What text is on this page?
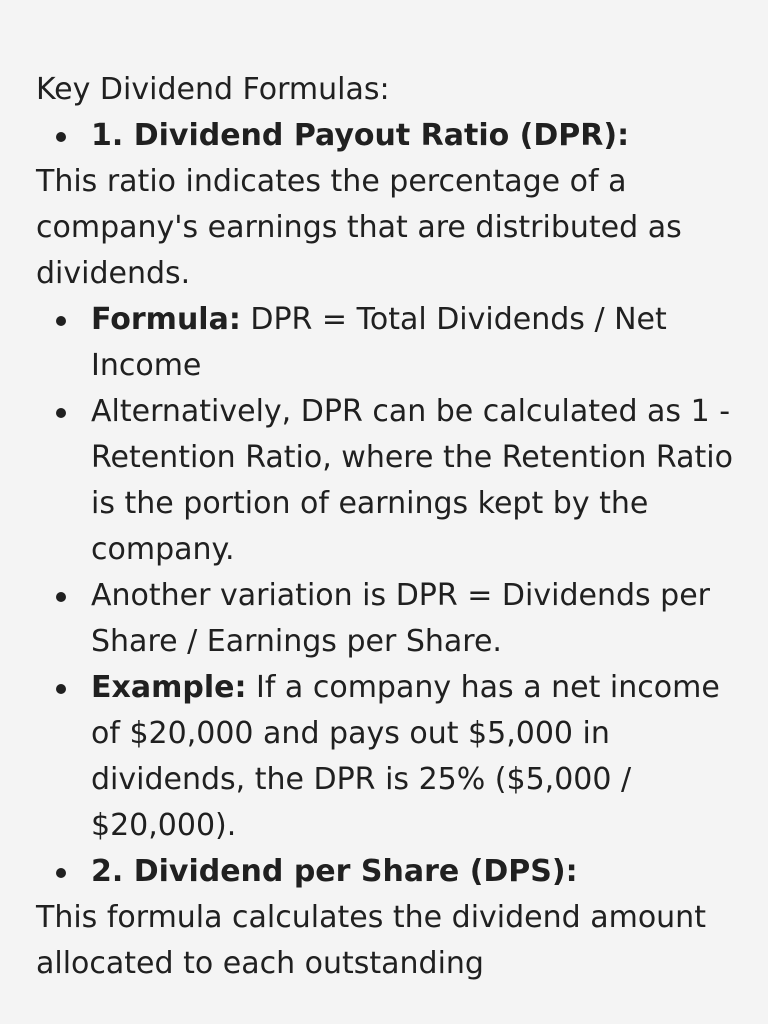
Key Dividend Formulas:

1. Dividend Payout Ratio (DPR):

This ratio indicates the percentage of a company's earnings that are distributed as dividends.

Formula: DPR = Total Dividends / Net Income
Alternatively, DPR can be calculated as 1 - Retention Ratio, where the Retention Ratio is the portion of earnings kept by the company.
Another variation is DPR = Dividends per Share / Earnings per Share.
Example: If a company has a net income of $20,000 and pays out $5,000 in dividends, the DPR is 25% ($5,000 / $20,000).
2. Dividend per Share (DPS):

This formula calculates the dividend amount allocated to each outstanding
